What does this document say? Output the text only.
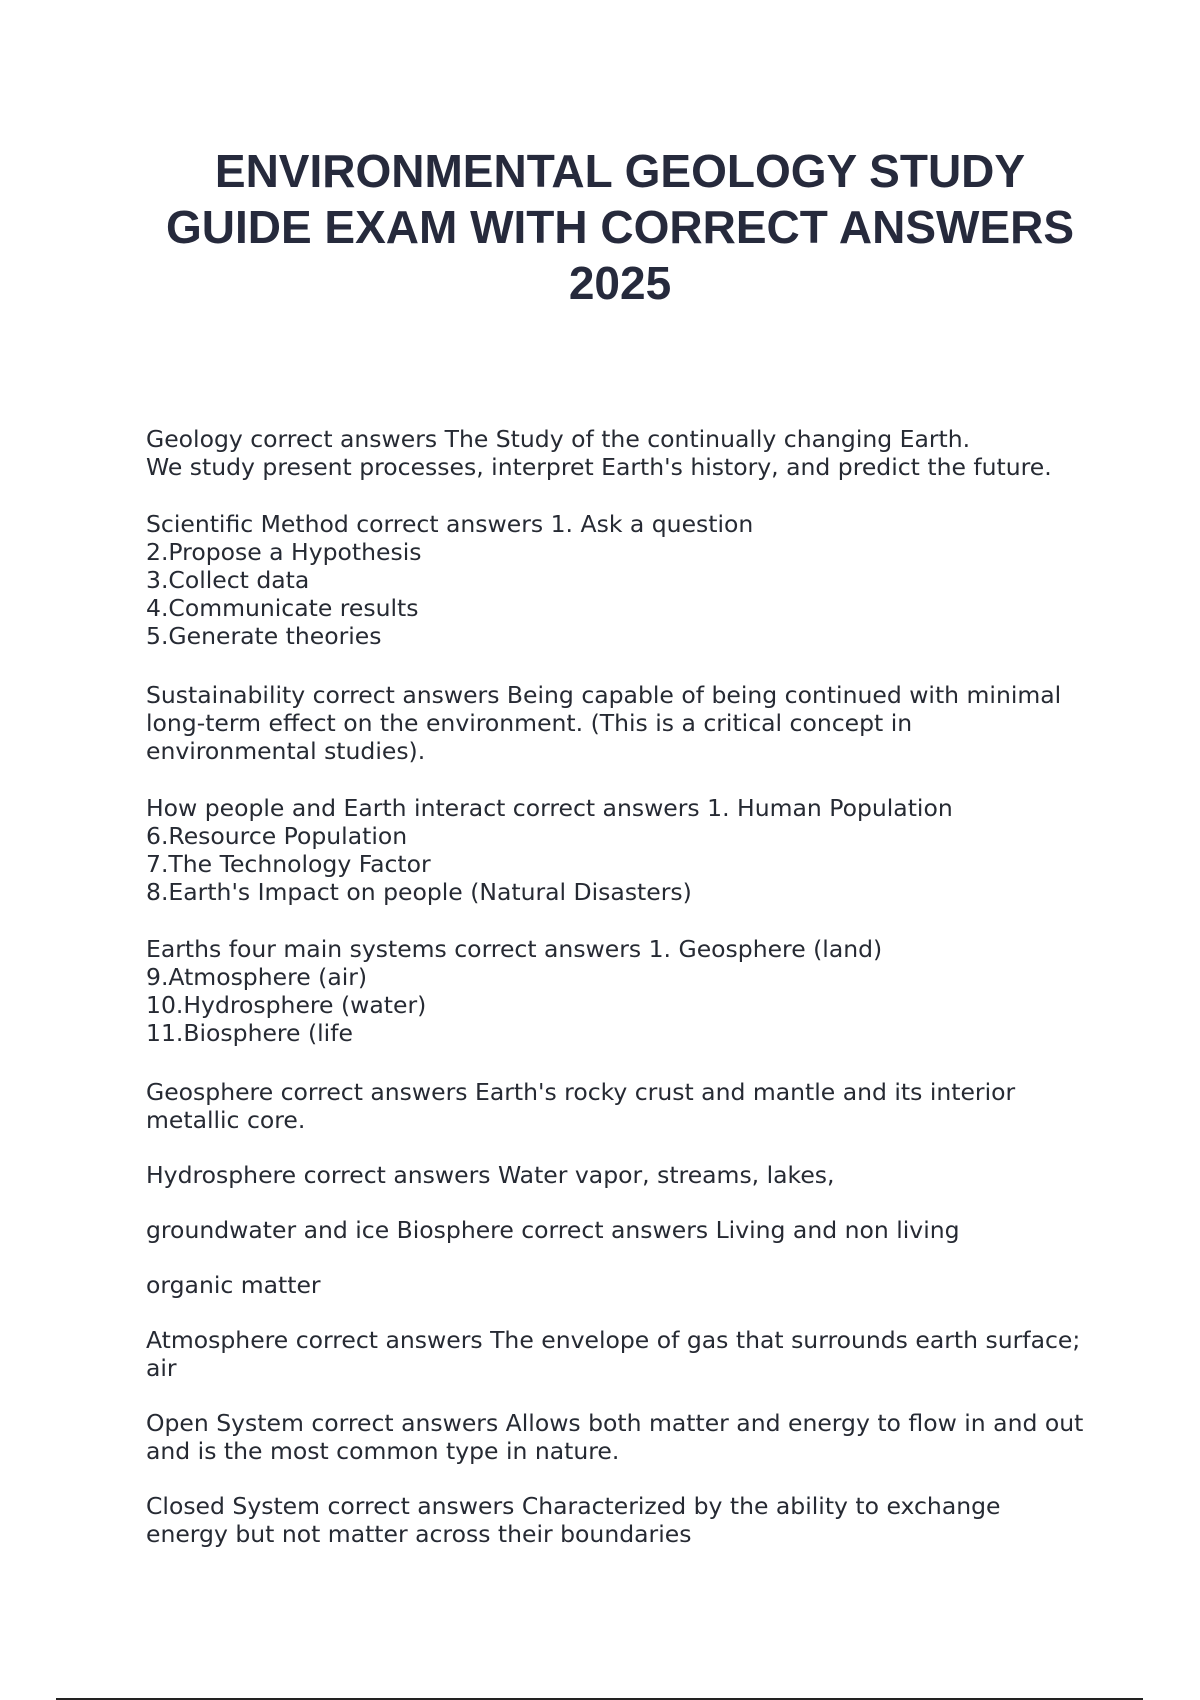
ENVIRONMENTAL GEOLOGY STUDY GUIDE EXAM WITH CORRECT ANSWERS 2025

Geology correct answers The Study of the continually changing Earth.
We study present processes, interpret Earth's history, and predict the future.

Scientific Method correct answers 1. Ask a question

2. Propose a Hypothesis
3. Collect data
4. Communicate results
5. Generate theories

Sustainability correct answers Being capable of being continued with minimal long-term effect on the environment. (This is a critical concept in environmental studies).

How people and Earth interact correct answers 1. Human Population

6. Resource Population
7. The Technology Factor
8. Earth's Impact on people (Natural Disasters)

Earths four main systems correct answers 1. Geosphere (land)

9. Atmosphere (air)
10. Hydrosphere (water)
11. Biosphere (life

Geosphere correct answers Earth's rocky crust and mantle and its interior metallic core.

Hydrosphere correct answers Water vapor, streams, lakes,

groundwater and ice Biosphere correct answers Living and non living

organic matter

Atmosphere correct answers The envelope of gas that surrounds earth surface; air

Open System correct answers Allows both matter and energy to flow in and out and is the most common type in nature.

Closed System correct answers Characterized by the ability to exchange energy but not matter across their boundaries
